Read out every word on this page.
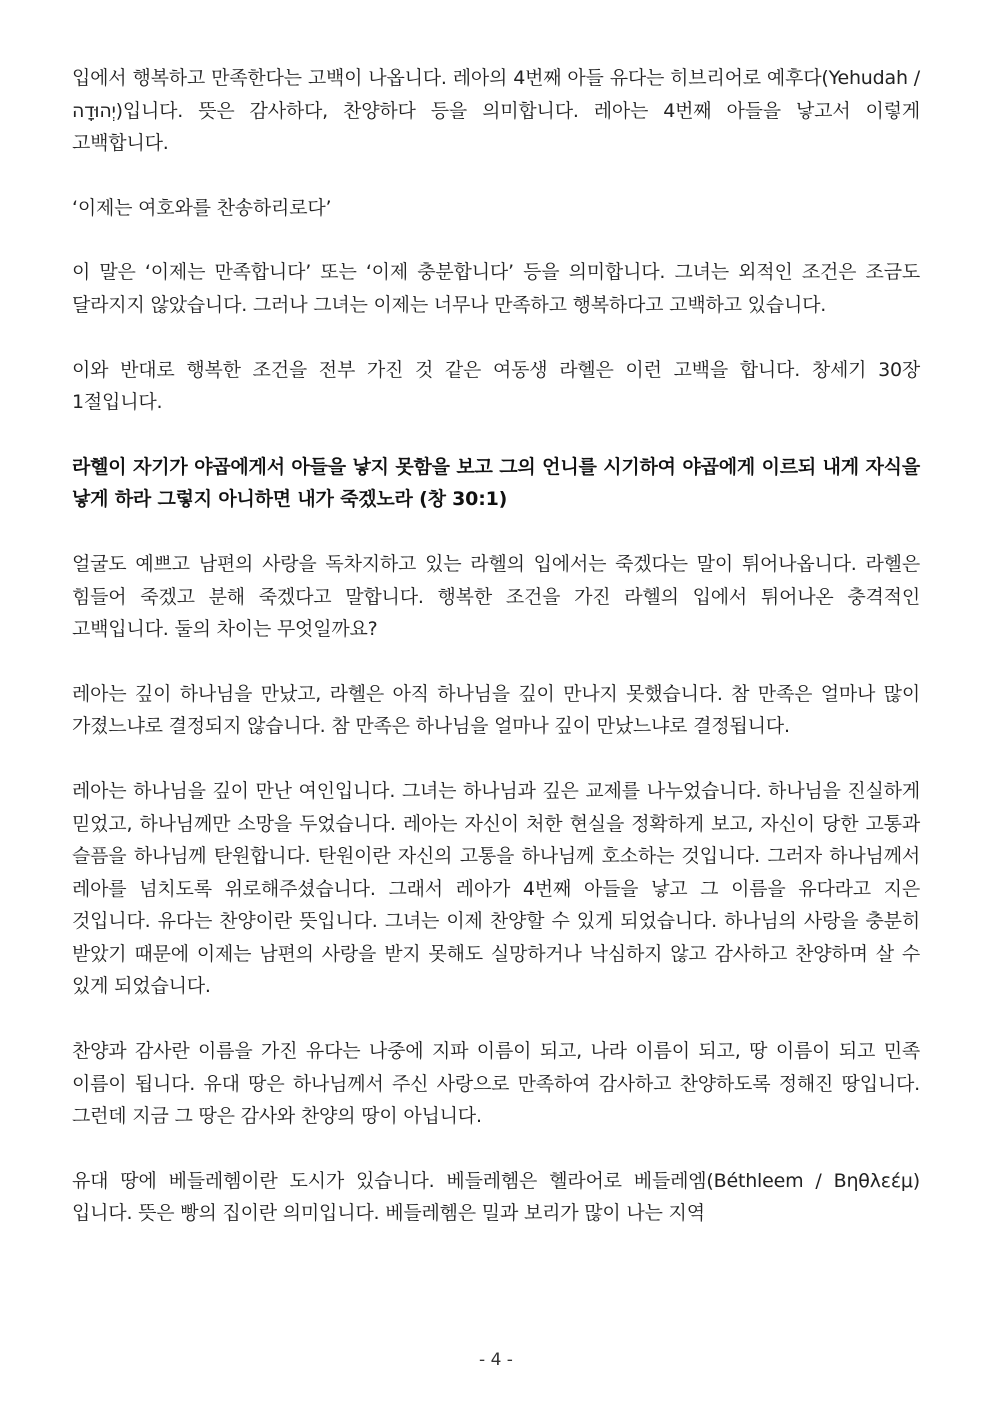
입에서 행복하고 만족한다는 고백이 나옵니다. 레아의 4번째 아들 유다는 히브리어로 예후다(Yehudah / יְהוּדָה)입니다. 뜻은 감사하다, 찬양하다 등을 의미합니다. 레아는 4번째 아들을 낳고서 이렇게 고백합니다.

‘이제는 여호와를 찬송하리로다’

이 말은 ‘이제는 만족합니다’ 또는 ‘이제 충분합니다’ 등을 의미합니다. 그녀는 외적인 조건은 조금도 달라지지 않았습니다. 그러나 그녀는 이제는 너무나 만족하고 행복하다고 고백하고 있습니다.

이와 반대로 행복한 조건을 전부 가진 것 같은 여동생 라헬은 이런 고백을 합니다. 창세기 30장 1절입니다.

라헬이 자기가 야곱에게서 아들을 낳지 못함을 보고 그의 언니를 시기하여 야곱에게 이르되 내게 자식을 낳게 하라 그렇지 아니하면 내가 죽겠노라 (창 30:1)

얼굴도 예쁘고 남편의 사랑을 독차지하고 있는 라헬의 입에서는 죽겠다는 말이 튀어나옵니다. 라헬은 힘들어 죽겠고 분해 죽겠다고 말합니다. 행복한 조건을 가진 라헬의 입에서 튀어나온 충격적인 고백입니다. 둘의 차이는 무엇일까요?

레아는 깊이 하나님을 만났고, 라헬은 아직 하나님을 깊이 만나지 못했습니다. 참 만족은 얼마나 많이 가졌느냐로 결정되지 않습니다. 참 만족은 하나님을 얼마나 깊이 만났느냐로 결정됩니다.

레아는 하나님을 깊이 만난 여인입니다. 그녀는 하나님과 깊은 교제를 나누었습니다. 하나님을 진실하게 믿었고, 하나님께만 소망을 두었습니다. 레아는 자신이 처한 현실을 정확하게 보고, 자신이 당한 고통과 슬픔을 하나님께 탄원합니다. 탄원이란 자신의 고통을 하나님께 호소하는 것입니다. 그러자 하나님께서 레아를 넘치도록 위로해주셨습니다. 그래서 레아가 4번째 아들을 낳고 그 이름을 유다라고 지은 것입니다. 유다는 찬양이란 뜻입니다. 그녀는 이제 찬양할 수 있게 되었습니다. 하나님의 사랑을 충분히 받았기 때문에 이제는 남편의 사랑을 받지 못해도 실망하거나 낙심하지 않고 감사하고 찬양하며 살 수 있게 되었습니다.

찬양과 감사란 이름을 가진 유다는 나중에 지파 이름이 되고, 나라 이름이 되고, 땅 이름이 되고 민족 이름이 됩니다. 유대 땅은 하나님께서 주신 사랑으로 만족하여 감사하고 찬양하도록 정해진 땅입니다. 그런데 지금 그 땅은 감사와 찬양의 땅이 아닙니다.

유대 땅에 베들레헴이란 도시가 있습니다. 베들레헴은 헬라어로 베들레엠(Béthleem / Βηθλεέμ)입니다. 뜻은 빵의 집이란 의미입니다. 베들레헴은 밀과 보리가 많이 나는 지역

- 4 -
